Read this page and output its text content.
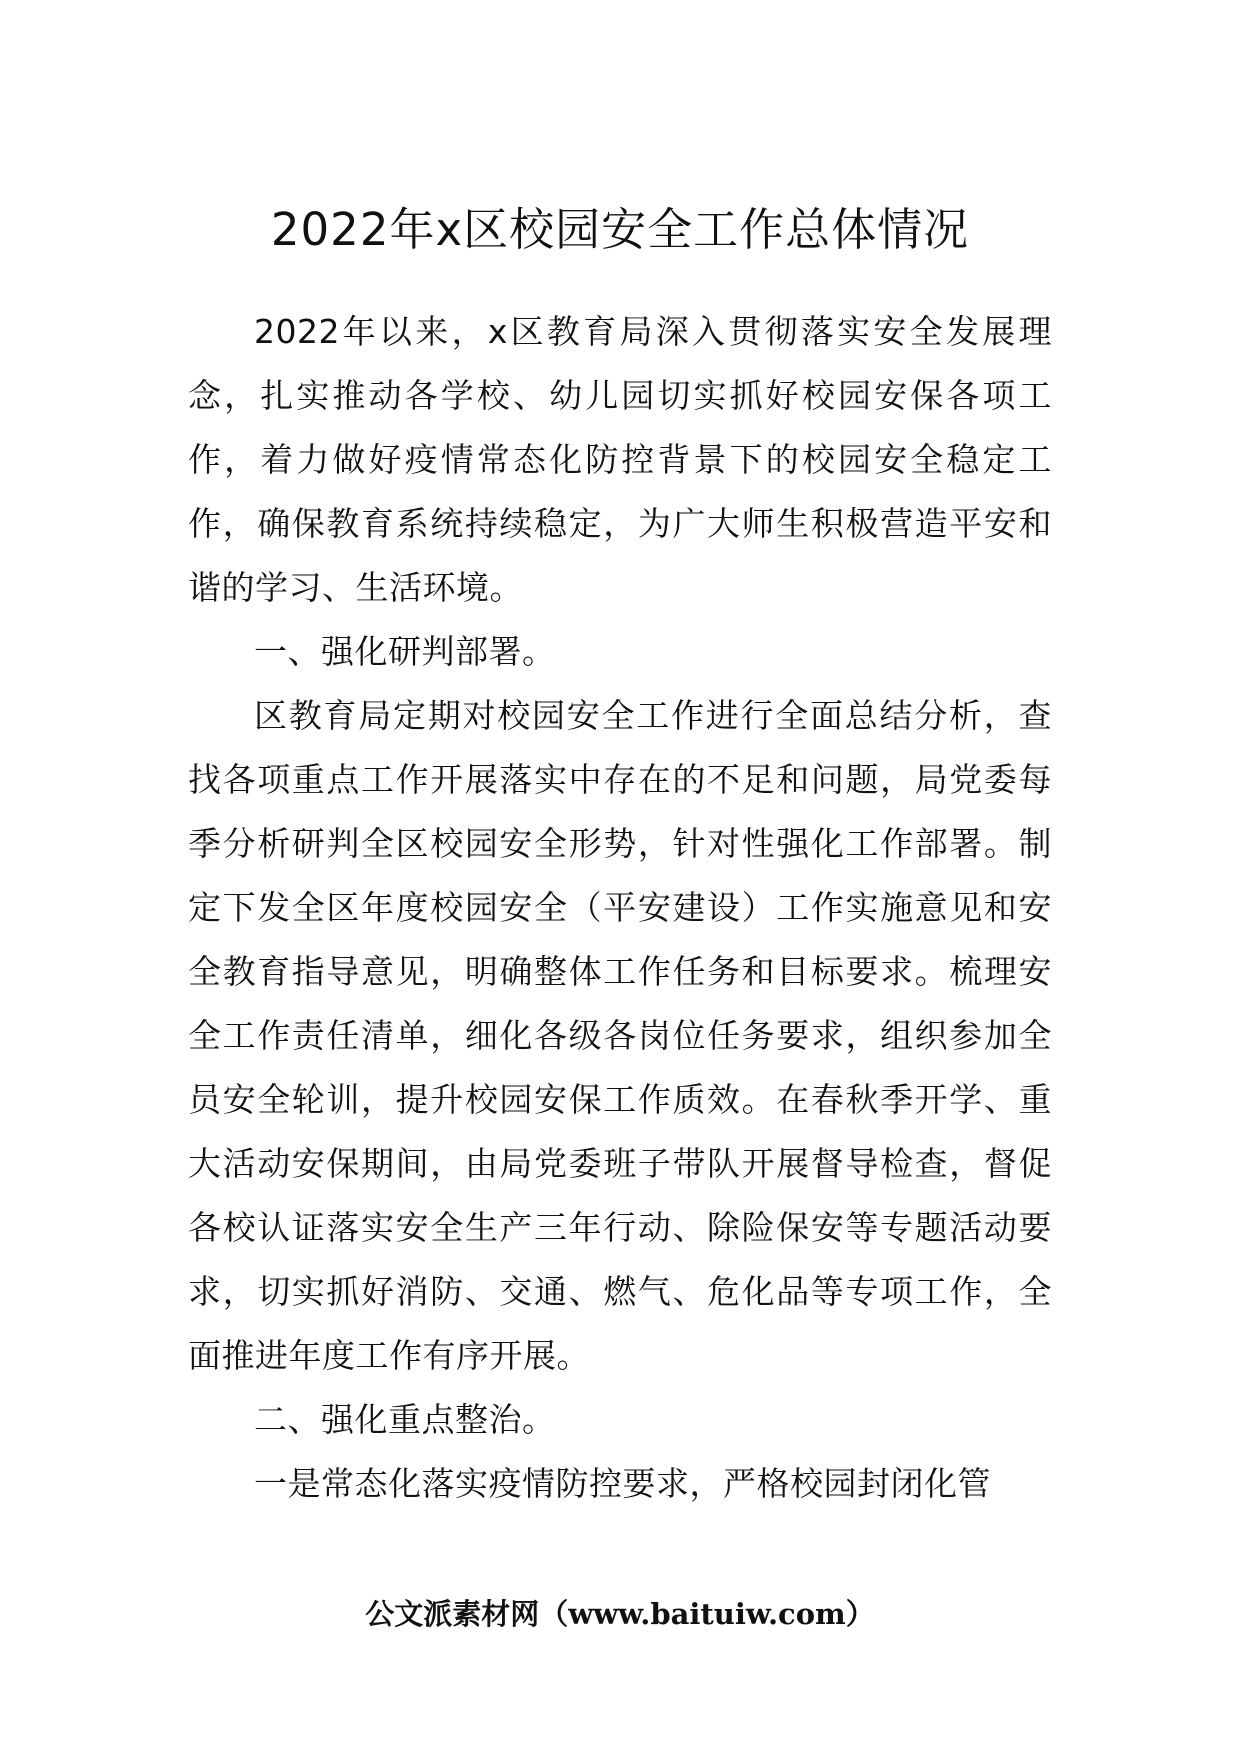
2022年x区校园安全工作总体情况

2022年以来，x区教育局深入贯彻落实安全发展理念，扎实推动各学校、幼儿园切实抓好校园安保各项工作，着力做好疫情常态化防控背景下的校园安全稳定工作，确保教育系统持续稳定，为广大师生积极营造平安和谐的学习、生活环境。

一、强化研判部署。

区教育局定期对校园安全工作进行全面总结分析，查找各项重点工作开展落实中存在的不足和问题，局党委每季分析研判全区校园安全形势，针对性强化工作部署。制定下发全区年度校园安全（平安建设）工作实施意见和安全教育指导意见，明确整体工作任务和目标要求。梳理安全工作责任清单，细化各级各岗位任务要求，组织参加全员安全轮训，提升校园安保工作质效。在春秋季开学、重大活动安保期间，由局党委班子带队开展督导检查，督促各校认证落实安全生产三年行动、除险保安等专题活动要求，切实抓好消防、交通、燃气、危化品等专项工作，全面推进年度工作有序开展。

二、强化重点整治。

一是常态化落实疫情防控要求，严格校园封闭化管

公文派素材网（www.baituiw.com）
